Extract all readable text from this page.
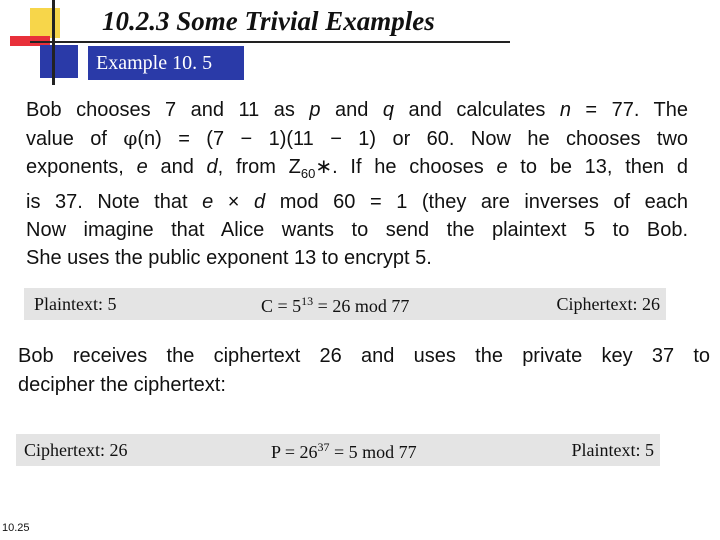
10.2.3 Some Trivial Examples
Example 10. 5
Bob chooses 7 and 11 as p and q and calculates n = 77. The
value of φ(n) = (7 − 1)(11 − 1) or 60. Now he chooses two
exponents, e and d, from $Z_{60}∗$. If he chooses e to be 13, then d
is 37. Note that e × d mod 60 = 1 (they are inverses of each
Now imagine that Alice wants to send the plaintext 5 to Bob.
She uses the public exponent 13 to encrypt 5.
Plaintext: 5	$C = 5^{13} = 26$ mod 77	Ciphertext: 26
Bob receives the ciphertext 26 and uses the private key 37 to
decipher the ciphertext:
Ciphertext: 26	$P = 26^{37} = 5$ mod 77	Plaintext: 5
10.25
